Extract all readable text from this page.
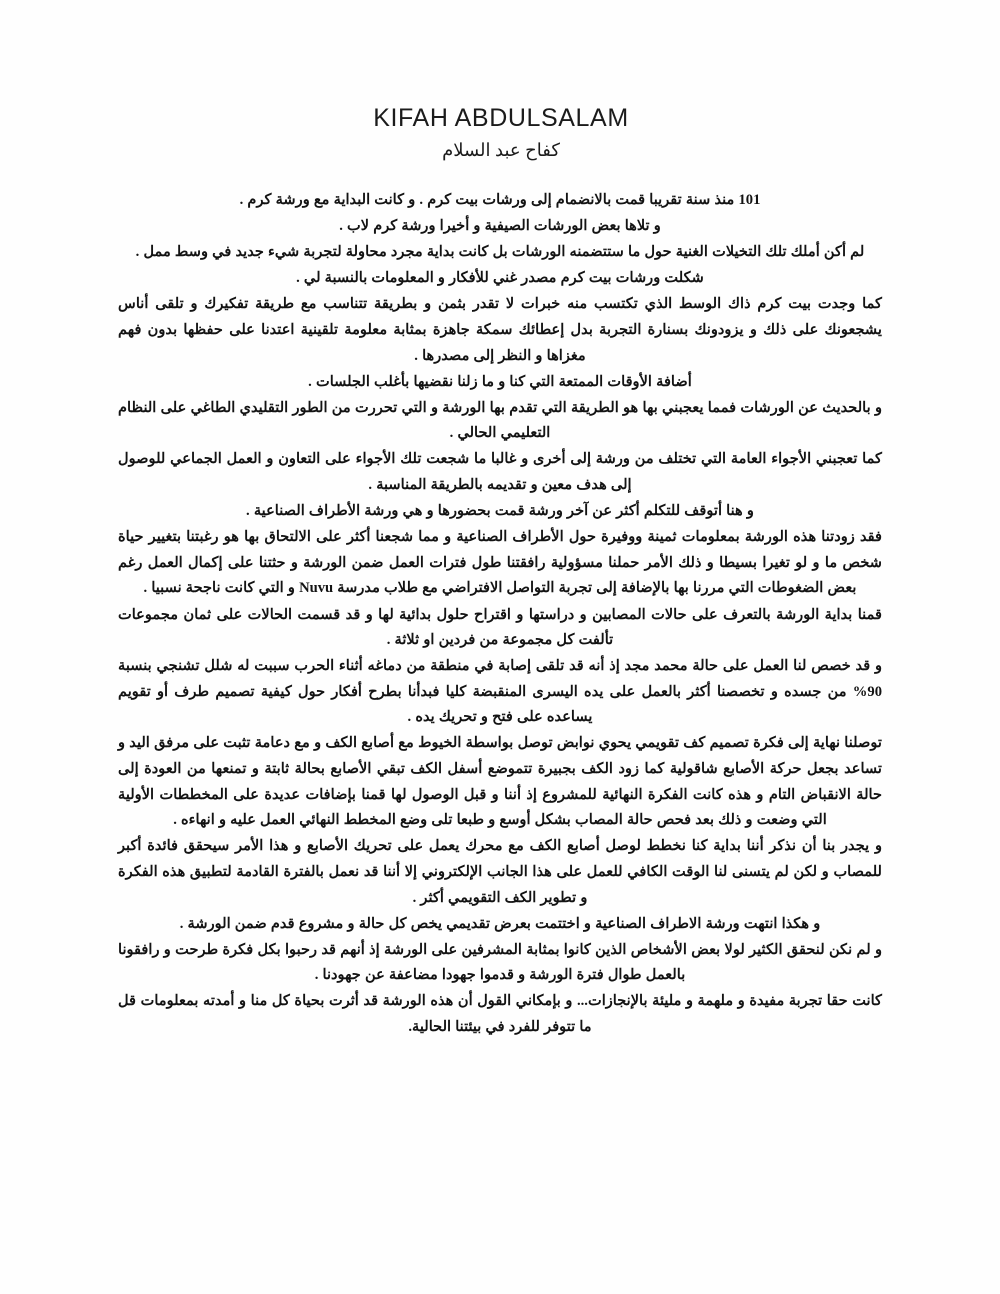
KIFAH ABDULSALAM
كفاح عبد السلام

101 منذ سنة تقريبا قمت بالانضمام إلى ورشات بيت كرم . و كانت البداية مع ورشة كرم .

و تلاها بعض الورشات الصيفية و أخيرا ورشة كرم لاب .

لم أكن أملك تلك التخيلات الغنية حول ما ستتضمنه الورشات بل كانت بداية مجرد محاولة لتجربة شيء جديد في وسط ممل .

شكلت ورشات بيت كرم مصدر غني للأفكار و المعلومات بالنسبة لي .

كما وجدت بيت كرم ذاك الوسط الذي تكتسب منه خبرات لا تقدر بثمن و بطريقة تتناسب مع طريقة تفكيرك و تلقى أناس يشجعونك على ذلك و يزودونك بسنارة التجربة بدل إعطائك سمكة جاهزة بمثابة معلومة تلقينية اعتدنا على حفظها بدون فهم مغزاها و النظر إلى مصدرها .

أضافة الأوقات الممتعة التي كنا و ما زلنا نقضيها بأغلب الجلسات .

و بالحديث عن الورشات فمما يعجبني بها هو الطريقة التي تقدم بها الورشة و التي تحررت من الطور التقليدي الطاغي على النظام التعليمي الحالي .

كما تعجبني الأجواء العامة التي تختلف من ورشة إلى أخرى و غالبا ما شجعت تلك الأجواء على التعاون و العمل الجماعي للوصول إلى هدف معين و تقديمه بالطريقة المناسبة .

و هنا أتوقف للتكلم أكثر عن آخر ورشة قمت بحضورها و هي ورشة الأطراف الصناعية .

فقد زودتنا هذه الورشة بمعلومات ثمينة ووفيرة حول الأطراف الصناعية و مما شجعنا أكثر على الالتحاق بها هو رغبتنا بتغيير حياة شخص ما و لو تغيرا بسيطا و ذلك الأمر حملنا مسؤولية رافقتنا طول فترات العمل ضمن الورشة و حثتنا على إكمال العمل رغم بعض الضغوطات التي مررنا بها بالإضافة إلى تجربة التواصل الافتراضي مع طلاب مدرسة Nuvu و التي كانت ناجحة نسبيا .

قمنا بداية الورشة بالتعرف على حالات المصابين و دراستها و اقتراح حلول بدائية لها و قد قسمت الحالات على ثمان مجموعات تألفت كل مجموعة من فردين او ثلاثة .

و قد خصص لنا العمل على حالة محمد مجد إذ أنه قد تلقى إصابة في منطقة من دماغه أثناء الحرب سببت له شلل تشنجي بنسبة 90% من جسده و تخصصنا أكثر بالعمل على يده اليسرى المنقبضة كليا فبدأنا بطرح أفكار حول كيفية تصميم طرف أو تقويم يساعده على فتح و تحريك يده .

توصلنا نهاية إلى فكرة تصميم كف تقويمي يحوي نوابض توصل بواسطة الخيوط مع أصابع الكف و مع دعامة تثبت على مرفق اليد و تساعد بجعل حركة الأصابع شاقولية كما زود الكف بجبيرة تتموضع أسفل الكف تبقي الأصابع بحالة ثابتة و تمنعها من العودة إلى حالة الانقباض التام و هذه كانت الفكرة النهائية للمشروع إذ أننا و قبل الوصول لها قمنا بإضافات عديدة على المخططات الأولية التي وضعت و ذلك بعد فحص حالة المصاب بشكل أوسع و طبعا تلى وضع المخطط النهائي العمل عليه و انهاءه .

و يجدر بنا أن نذكر أننا بداية كنا نخطط لوصل أصابع الكف مع محرك يعمل على تحريك الأصابع و هذا الأمر سيحقق فائدة أكبر للمصاب و لكن لم يتسنى لنا الوقت الكافي للعمل على هذا الجانب الإلكتروني إلا أننا قد نعمل بالفترة القادمة لتطبيق هذه الفكرة و تطوير الكف التقويمي أكثر .

و هكذا انتهت ورشة الاطراف الصناعية و اختتمت بعرض تقديمي يخص كل حالة و مشروع قدم ضمن الورشة .

و لم نكن لنحقق الكثير لولا بعض الأشخاص الذين كانوا بمثابة المشرفين على الورشة إذ أنهم قد رحبوا بكل فكرة طرحت و رافقونا بالعمل طوال فترة الورشة و قدموا جهودا مضاعفة عن جهودنا .

كانت حقا تجربة مفيدة و ملهمة و مليئة بالإنجازات... و بإمكاني القول أن هذه الورشة قد أثرت بحياة كل منا و أمدته بمعلومات قل ما تتوفر للفرد في بيئتنا الحالية.
